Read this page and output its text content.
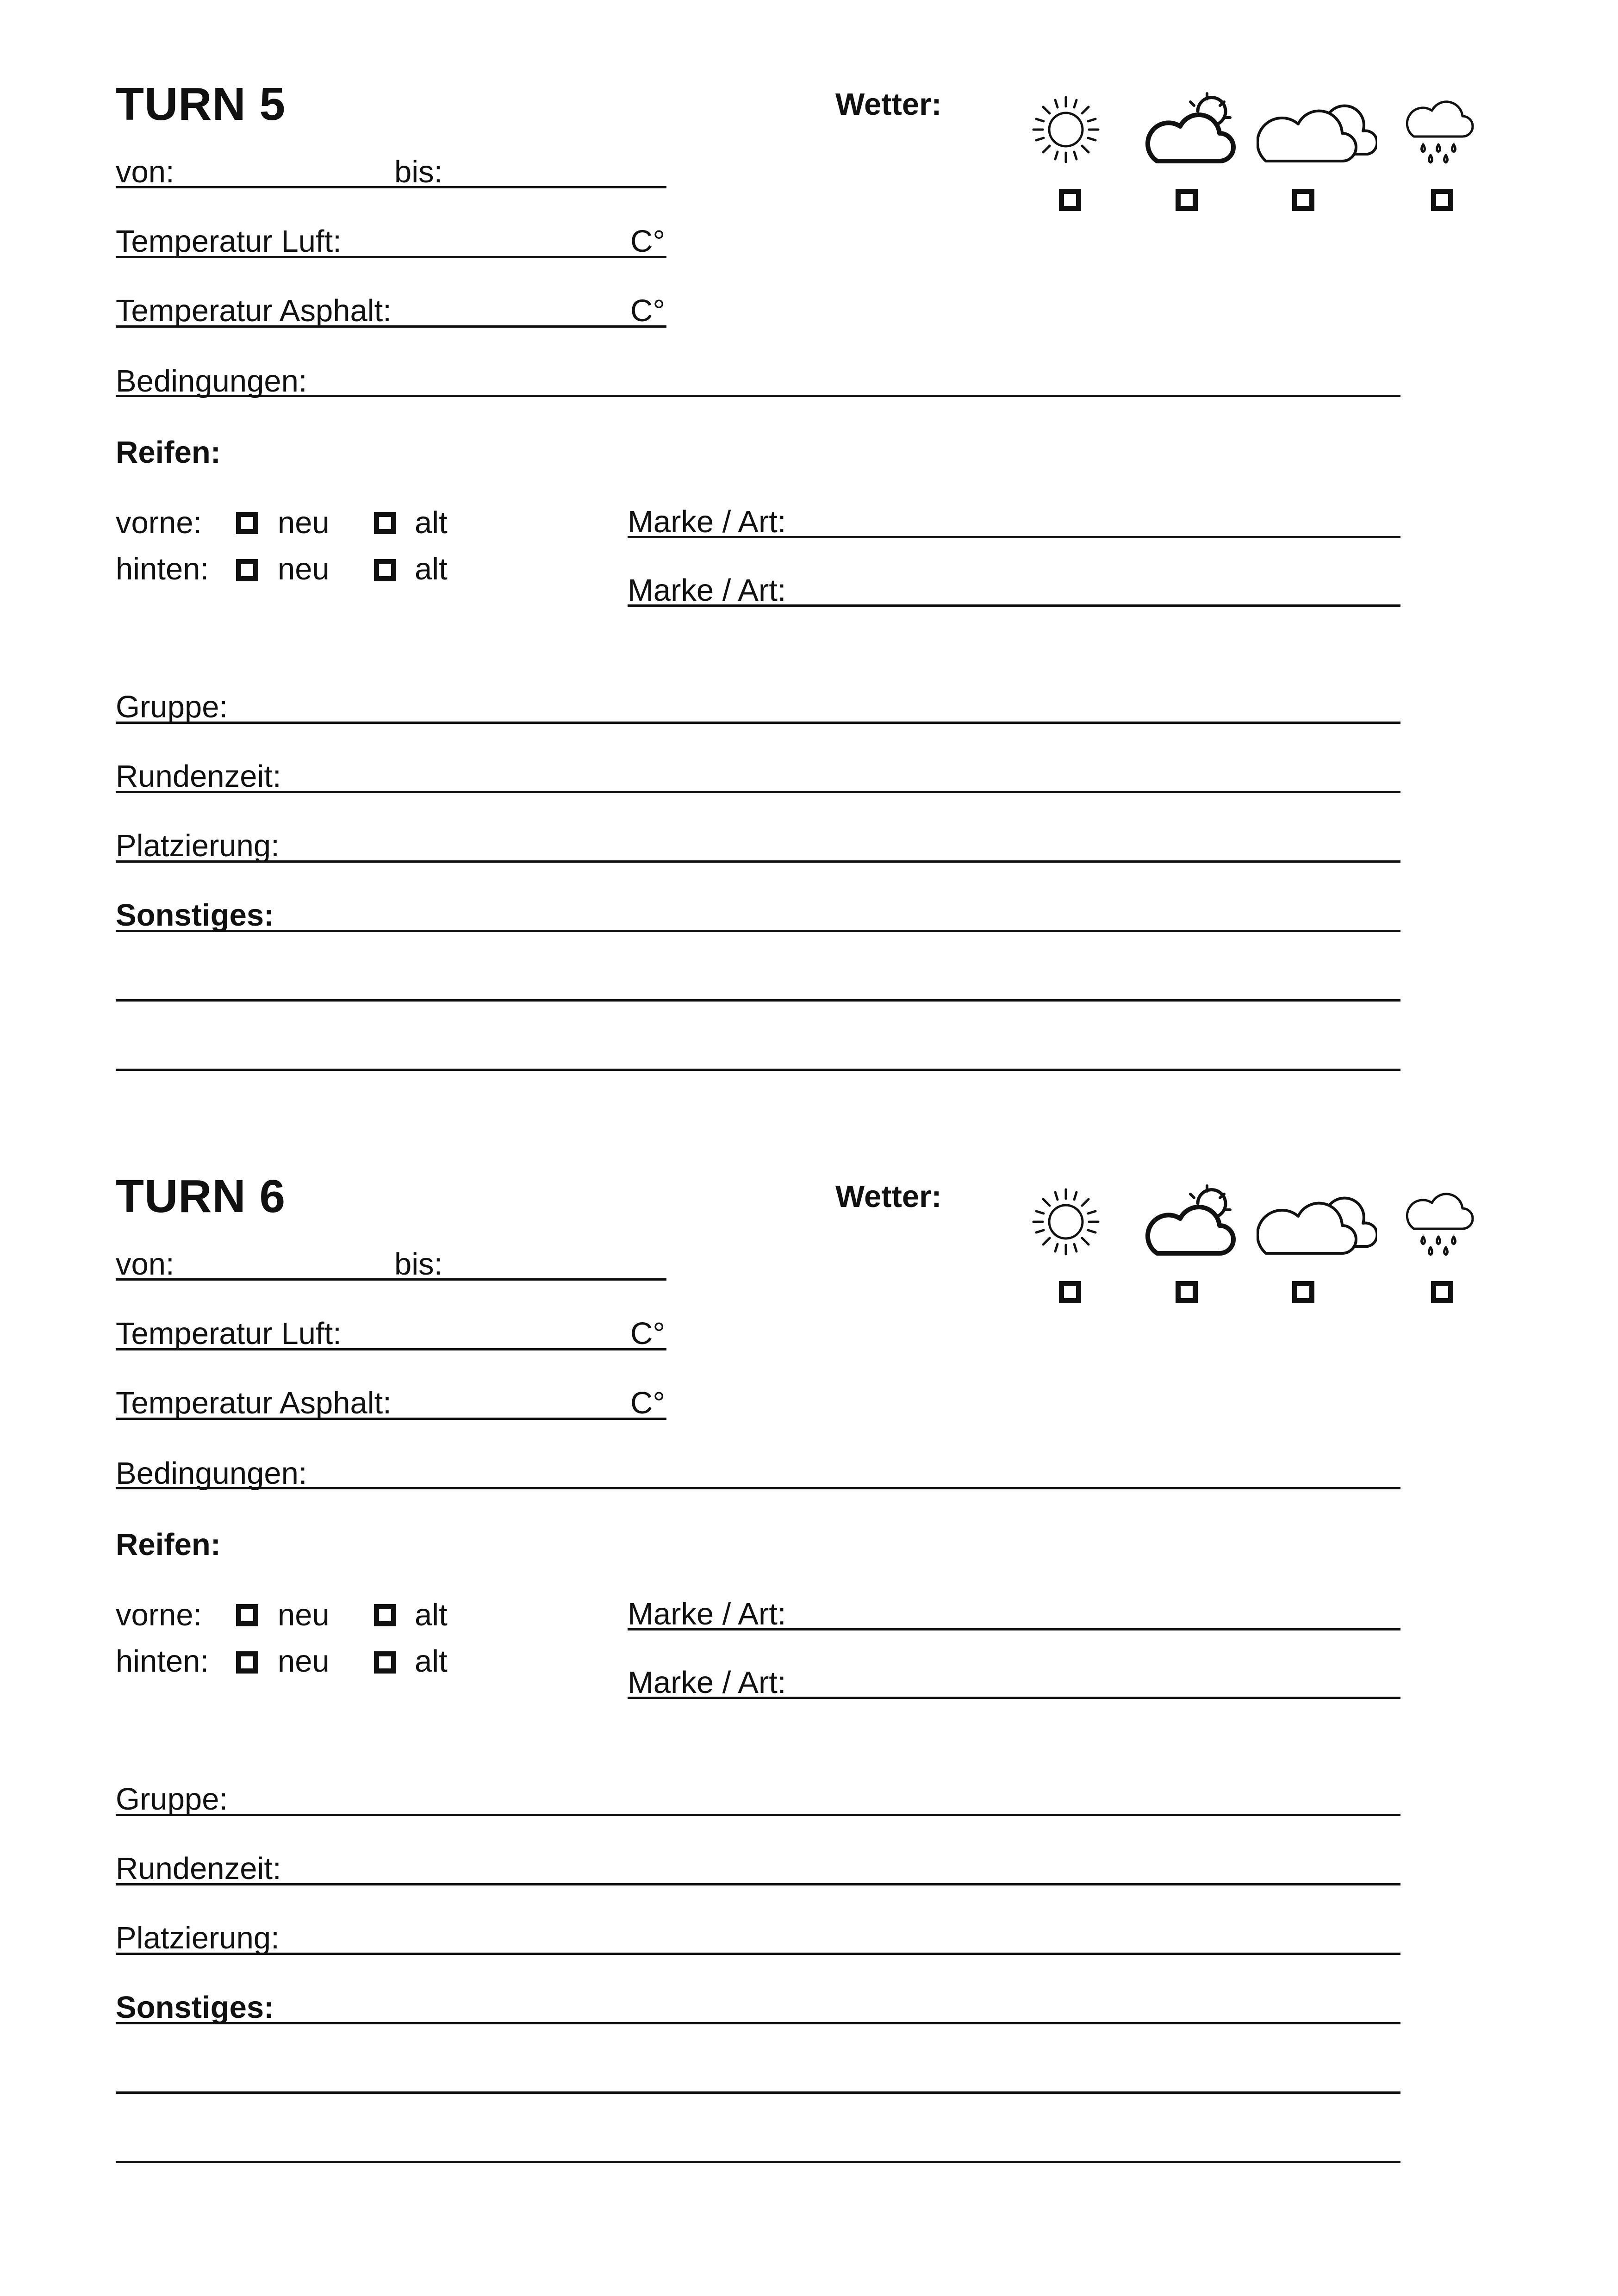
TURN 5	Wetter:
von:	bis:
Temperatur Luft:	C°
Temperatur Asphalt:	C°
Bedingungen:
Reifen:
vorne: neu	alt
hinten: neu	alt
Marke / Art:
Marke / Art:
Gruppe:
Rundenzeit:
Platzierung:
Sonstiges:
TURN 6	Wetter:
von:	bis:
Temperatur Luft:	C°
Temperatur Asphalt:	C°
Bedingungen:
Reifen:
vorne: neu	alt
hinten: neu	alt
Marke / Art:
Marke / Art:
Gruppe:
Rundenzeit:
Platzierung:
Sonstiges:
